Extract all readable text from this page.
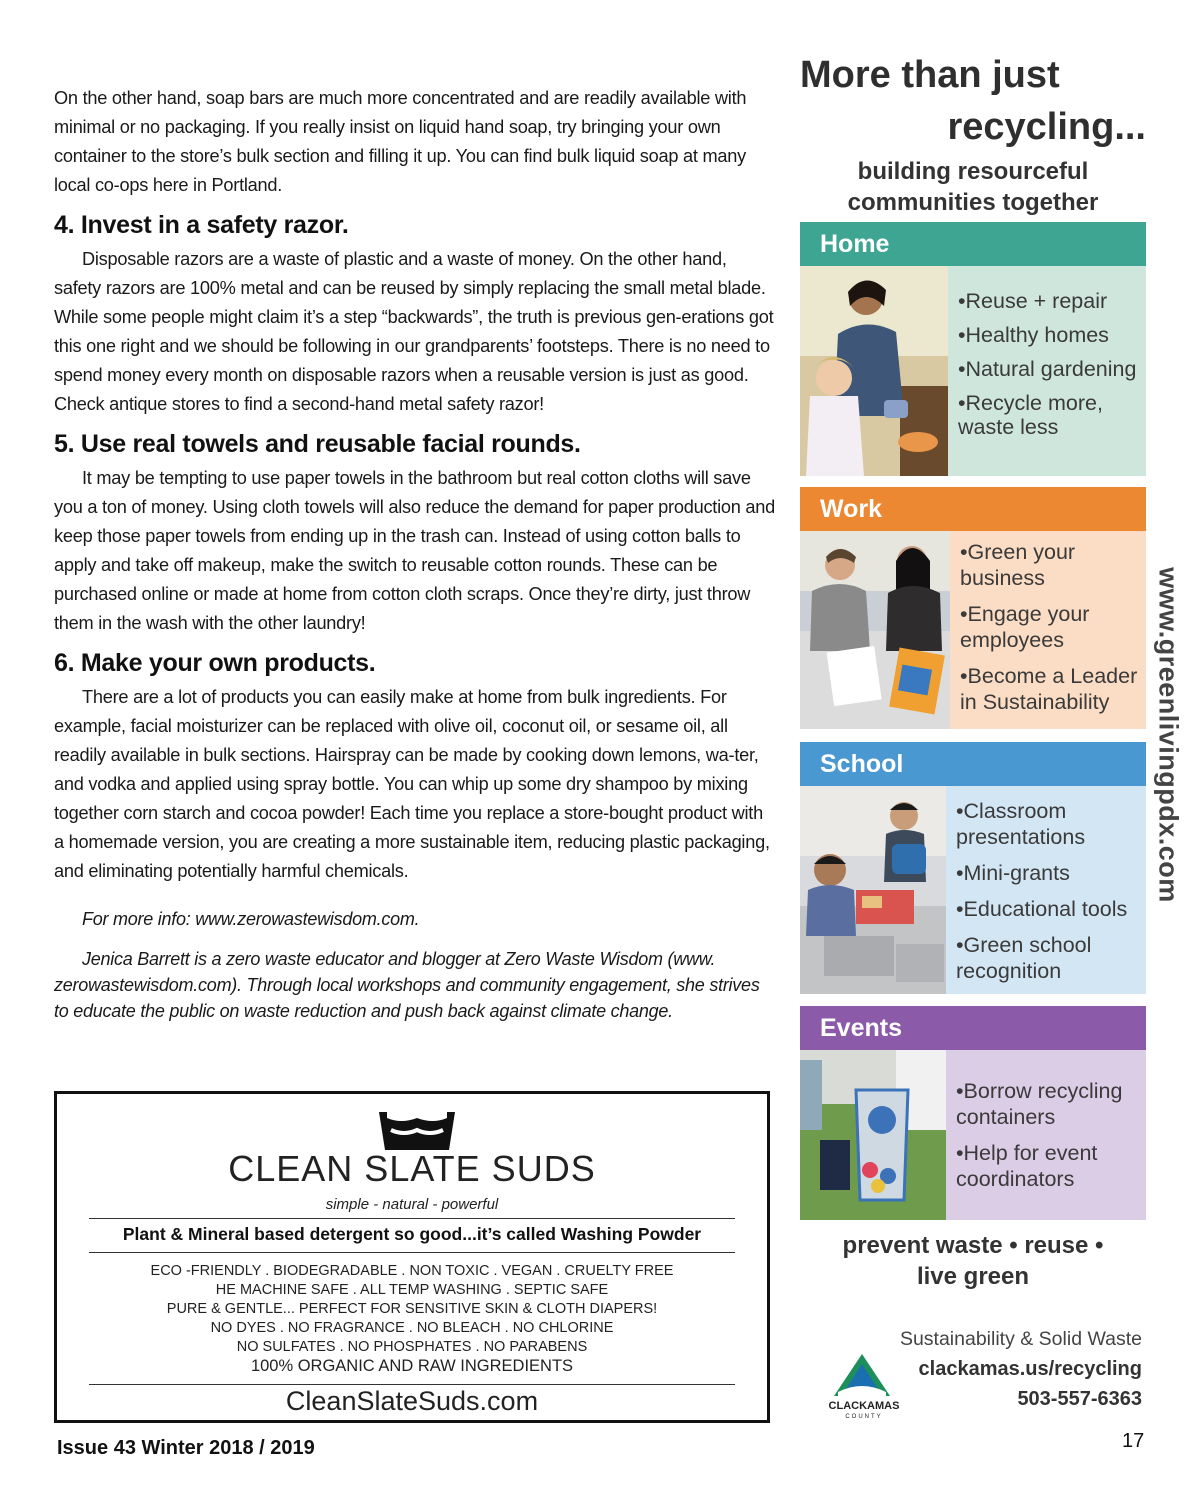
On the other hand, soap bars are much more concentrated and are readily available with minimal or no packaging. If you really insist on liquid hand soap, try bringing your own container to the store’s bulk section and filling it up. You can find bulk liquid soap at many local co-ops here in Portland.

4. Invest in a safety razor.

Disposable razors are a waste of plastic and a waste of money. On the other hand, safety razors are 100% metal and can be reused by simply replacing the small metal blade. While some people might claim it’s a step “backwards”, the truth is previous gen-erations got this one right and we should be following in our grandparents’ footsteps. There is no need to spend money every month on disposable razors when a reusable version is just as good. Check antique stores to find a second-hand metal safety razor!

5. Use real towels and reusable facial rounds.

It may be tempting to use paper towels in the bathroom but real cotton cloths will save you a ton of money. Using cloth towels will also reduce the demand for paper production and keep those paper towels from ending up in the trash can. Instead of using cotton balls to apply and take off makeup, make the switch to reusable cotton rounds. These can be purchased online or made at home from cotton cloth scraps. Once they’re dirty, just throw them in the wash with the other laundry!

6. Make your own products.

There are a lot of products you can easily make at home from bulk ingredients. For example, facial moisturizer can be replaced with olive oil, coconut oil, or sesame oil, all readily available in bulk sections. Hairspray can be made by cooking down lemons, wa-ter, and vodka and applied using spray bottle. You can whip up some dry shampoo by mixing together corn starch and cocoa powder! Each time you replace a store-bought product with a homemade version, you are creating a more sustainable item, reducing plastic packaging, and eliminating potentially harmful chemicals.

For more info: www.zerowastewisdom.com.

Jenica Barrett is a zero waste educator and blogger at Zero Waste Wisdom (www. zerowastewisdom.com). Through local workshops and community engagement, she strives to educate the public on waste reduction and push back against climate change.

CLEAN SLATE SUDS
simple - natural - powerful
Plant & Mineral based detergent so good...it’s called Washing Powder
ECO -FRIENDLY . BIODEGRADABLE . NON TOXIC . VEGAN . CRUELTY FREE
HE MACHINE SAFE . ALL TEMP WASHING . SEPTIC SAFE
PURE & GENTLE... PERFECT FOR SENSITIVE SKIN & CLOTH DIAPERS!
NO DYES . NO FRAGRANCE . NO BLEACH . NO CHLORINE
NO SULFATES . NO PHOSPHATES . NO PARABENS
100% ORGANIC AND RAW INGREDIENTS
CleanSlateSuds.com
Issue 43 Winter 2018 / 2019	17
More than just
recycling...
building resourceful
communities together
Home
•Reuse + repair
•Healthy homes
•Natural gardening
•Recycle more,
waste less
Work
•Green your
business
•Engage your
employees
•Become a Leader
in Sustainability
School
•Classroom
presentations
•Mini-grants
•Educational tools
•Green school
recognition
Events
•Borrow recycling
containers
•Help for event
coordinators
prevent waste • reuse •
live green
CLACKAMAS
COUNTY
Sustainability & Solid Waste
clackamas.us/recycling
503-557-6363
www.greenlivingpdx.com
